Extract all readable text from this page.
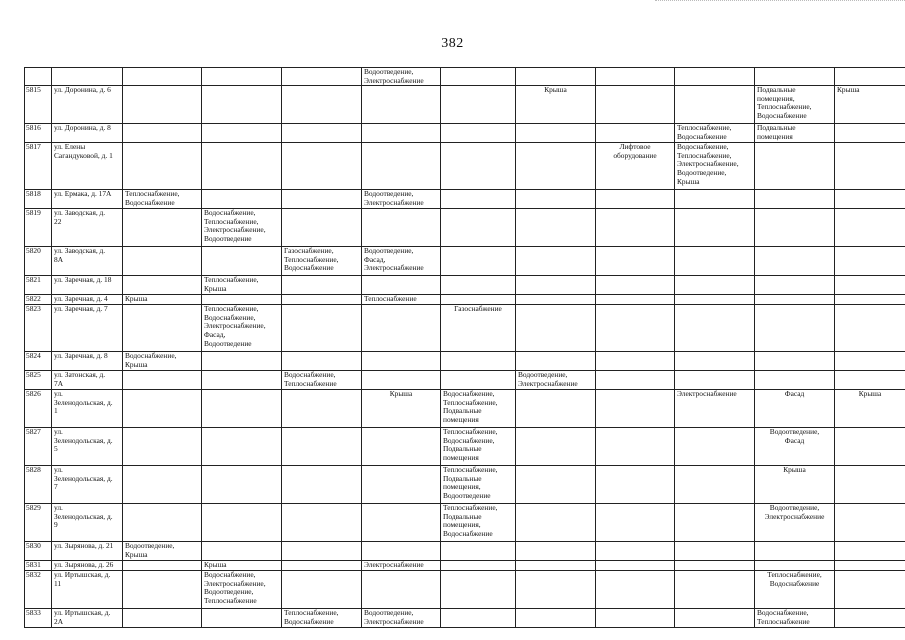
382

					Водоотведение,
Электроснабжение						

5815	ул. Доронина, д. 6						Крыша			Подвальные
помещения,
Теплоснабжение,
Водоснабжение	Крыша

5816	ул. Доронина, д. 8								Теплоснабжение,
Водоснабжение	Подвальные
помещения	

5817	ул. Елены
Сагандуковой, д. 1							Лифтовое
оборудование	Водоснабжение,
Теплоснабжение,
Электроснабжение,
Водоотведение,
Крыша		

5818	ул. Ермака, д. 17А	Теплоснабжение,
Водоснабжение			Водоотведение,
Электроснабжение						

5819	ул. Заводская, д.
22		Водоснабжение,
Теплоснабжение,
Электроснабжение,
Водоотведение								

5820	ул. Заводская, д.
8А			Газоснабжение,
Теплоснабжение,
Водоснабжение	Водоотведение,
Фасад,
Электроснабжение						

5821	ул. Заречная, д. 18		Теплоснабжение,
Крыша								

5822	ул. Заречная, д. 4	Крыша			Теплоснабжение						

5823	ул. Заречная, д. 7		Теплоснабжение,
Водоснабжение,
Электроснабжение,
Фасад,
Водоотведение			Газоснабжение					

5824	ул. Заречная, д. 8	Водоснабжение,
Крыша									

5825	ул. Затонская, д.
7А			Водоснабжение,
Теплоснабжение			Водоотведение,
Электроснабжение				

5826	ул.
Зеленодольская, д.
1				Крыша	Водоснабжение,
Теплоснабжение,
Подвальные
помещения			Электроснабжение	Фасад	Крыша

5827	ул.
Зеленодольская, д.
5					Теплоснабжение,
Водоснабжение,
Подвальные
помещения				Водоотведение,
Фасад	

5828	ул.
Зеленодольская, д.
7					Теплоснабжение,
Подвальные
помещения,
Водоотведение				Крыша	

5829	ул.
Зеленодольская, д.
9					Теплоснабжение,
Подвальные
помещения,
Водоснабжение				Водоотведение,
Электроснабжение	

5830	ул. Зырянова, д. 21	Водоотведение,
Крыша									

5831	ул. Зырянова, д. 26		Крыша		Электроснабжение						

5832	ул. Иртышская, д.
11		Водоснабжение,
Электроснабжение,
Водоотведение,
Теплоснабжение							Теплоснабжение,
Водоснабжение	

5833	ул. Иртышская, д.
2А			Теплоснабжение,
Водоснабжение	Водоотведение,
Электроснабжение					Водоснабжение,
Теплоснабжение	
